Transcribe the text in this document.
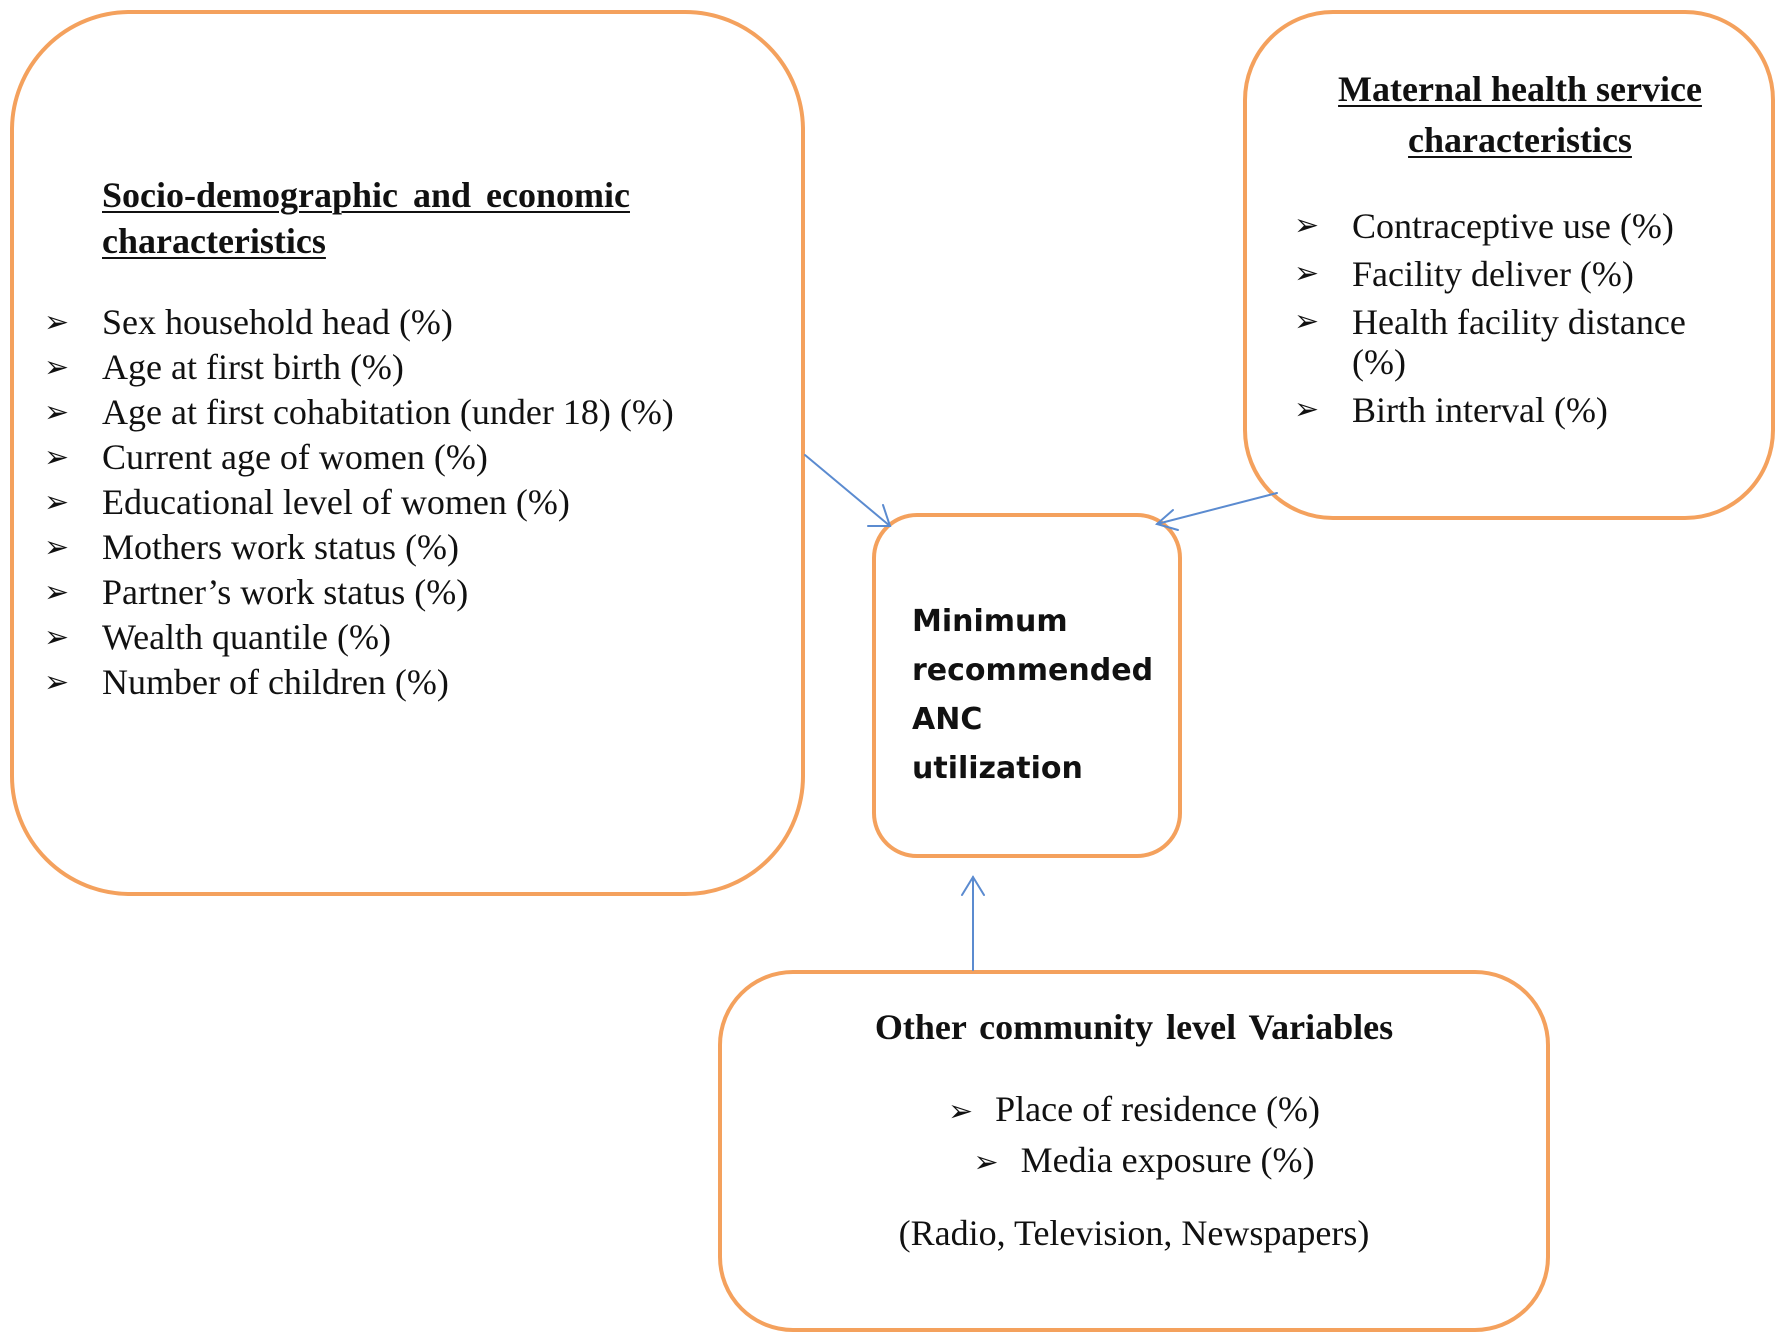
Socio-demographic and economic characteristics
➢ Sex household head (%)
➢ Age at first birth (%)
➢ Age at first cohabitation (under 18) (%)
➢ Current age of women (%)
➢ Educational level of women (%)
➢ Mothers work status (%)
➢ Partner’s work status (%)
➢ Wealth quantile (%)
➢ Number of children (%)
Maternal health service characteristics
➢ Contraceptive use (%)
➢ Facility deliver (%)
➢ Health facility distance (%)
➢ Birth interval (%)
Minimum recommended ANC utilization
Other community level Variables
➢ Place of residence (%)
➢ Media exposure (%)
(Radio, Television, Newspapers)
